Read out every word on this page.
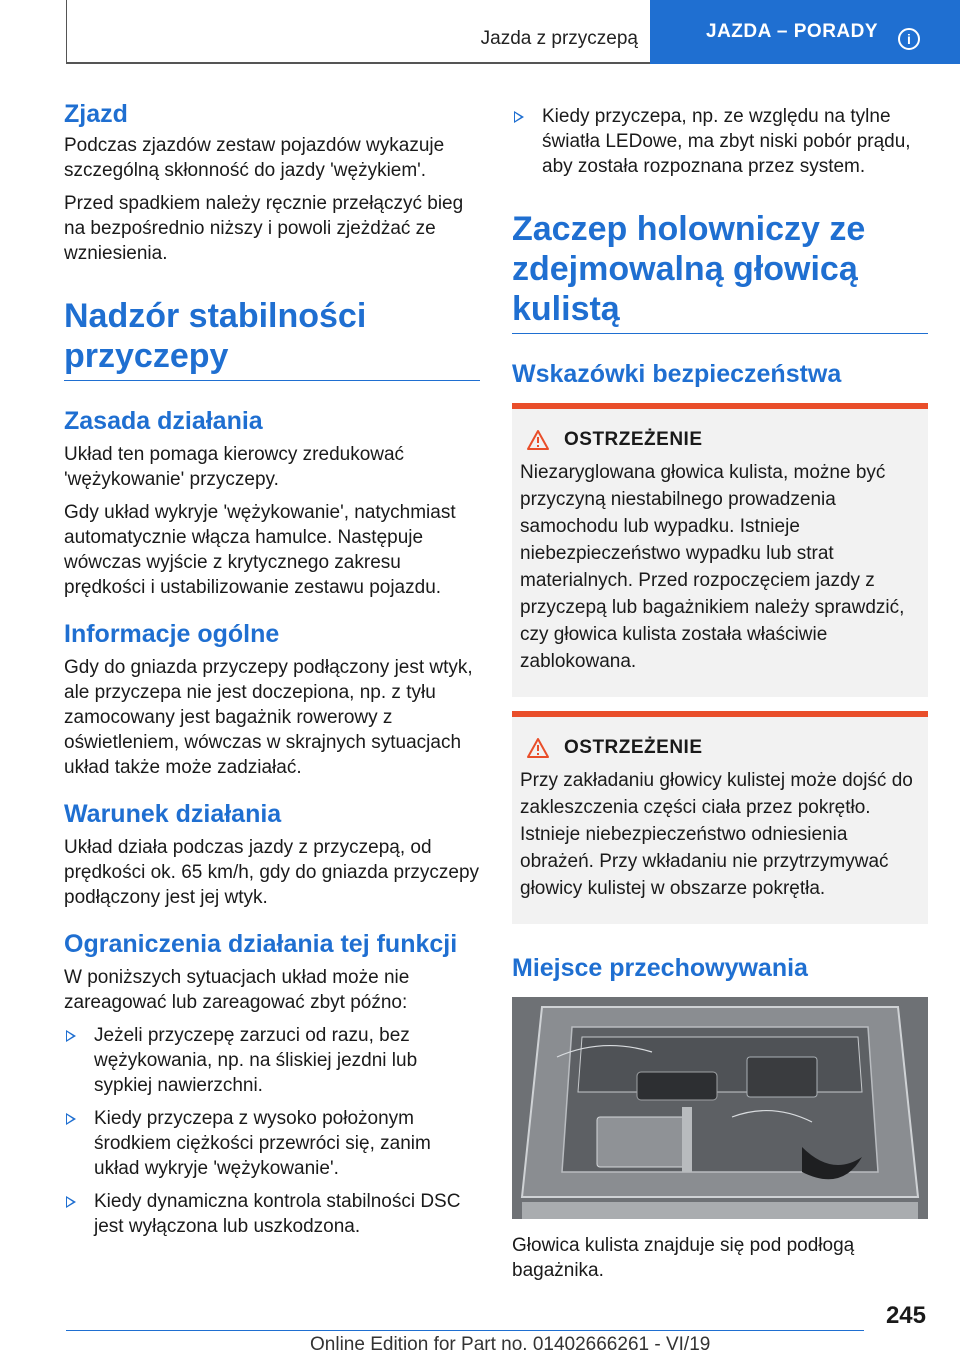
Jazda z przyczepą	JAZDA – PORADY	i
Zjazd

Podczas zjazdów zestaw pojazdów wykazuje szczególną skłonność do jazdy 'wężykiem'.

Przed spadkiem należy ręcznie przełączyć bieg na bezpośrednio niższy i powoli zjeżdżać ze wzniesienia.

Nadzór stabilności przyczepy
Zasada działania

Układ ten pomaga kierowcy zredukować 'wężykowanie' przyczepy.

Gdy układ wykryje 'wężykowanie', natychmiast automatycznie włącza hamulce. Następuje wówczas wyjście z krytycznego zakresu prędkości i ustabilizowanie zestawu pojazdu.

Informacje ogólne

Gdy do gniazda przyczepy podłączony jest wtyk, ale przyczepa nie jest doczepiona, np. z tyłu zamocowany jest bagażnik rowerowy z oświetleniem, wówczas w skrajnych sytuacjach układ także może zadziałać.

Warunek działania

Układ działa podczas jazdy z przyczepą, od prędkości ok. 65 km/h, gdy do gniazda przyczepy podłączony jest jej wtyk.

Ograniczenia działania tej funkcji

W poniższych sytuacjach układ może nie zareagować lub zareagować zbyt późno:

Jeżeli przyczepę zarzuci od razu, bez wężykowania, np. na śliskiej jezdni lub sypkiej nawierzchni.
Kiedy przyczepa z wysoko położonym środkiem ciężkości przewróci się, zanim układ wykryje 'wężykowanie'.
Kiedy dynamiczna kontrola stabilności DSC jest wyłączona lub uszkodzona.
Kiedy przyczepa, np. ze względu na tylne światła LEDowe, ma zbyt niski pobór prądu, aby została rozpoznana przez system.
Zaczep holowniczy ze zdejmowalną głowicą kulistą
Wskazówki bezpieczeństwa
OSTRZEŻENIE
Niezaryglowana głowica kulista, możne być przyczyną niestabilnego prowadzenia samochodu lub wypadku. Istnieje niebezpieczeństwo wypadku lub strat materialnych. Przed rozpoczęciem jazdy z przyczepą lub bagażnikiem należy sprawdzić, czy głowica kulista została właściwie zablokowana.
OSTRZEŻENIE
Przy zakładaniu głowicy kulistej może dojść do zakleszczenia części ciała przez pokrętło. Istnieje niebezpieczeństwo odniesienia obrażeń. Przy wkładaniu nie przytrzymywać głowicy kulistej w obszarze pokrętła.
Miejsce przechowywania

Głowica kulista znajduje się pod podłogą bagażnika.

245
Online Edition for Part no. 01402666261 - VI/19
